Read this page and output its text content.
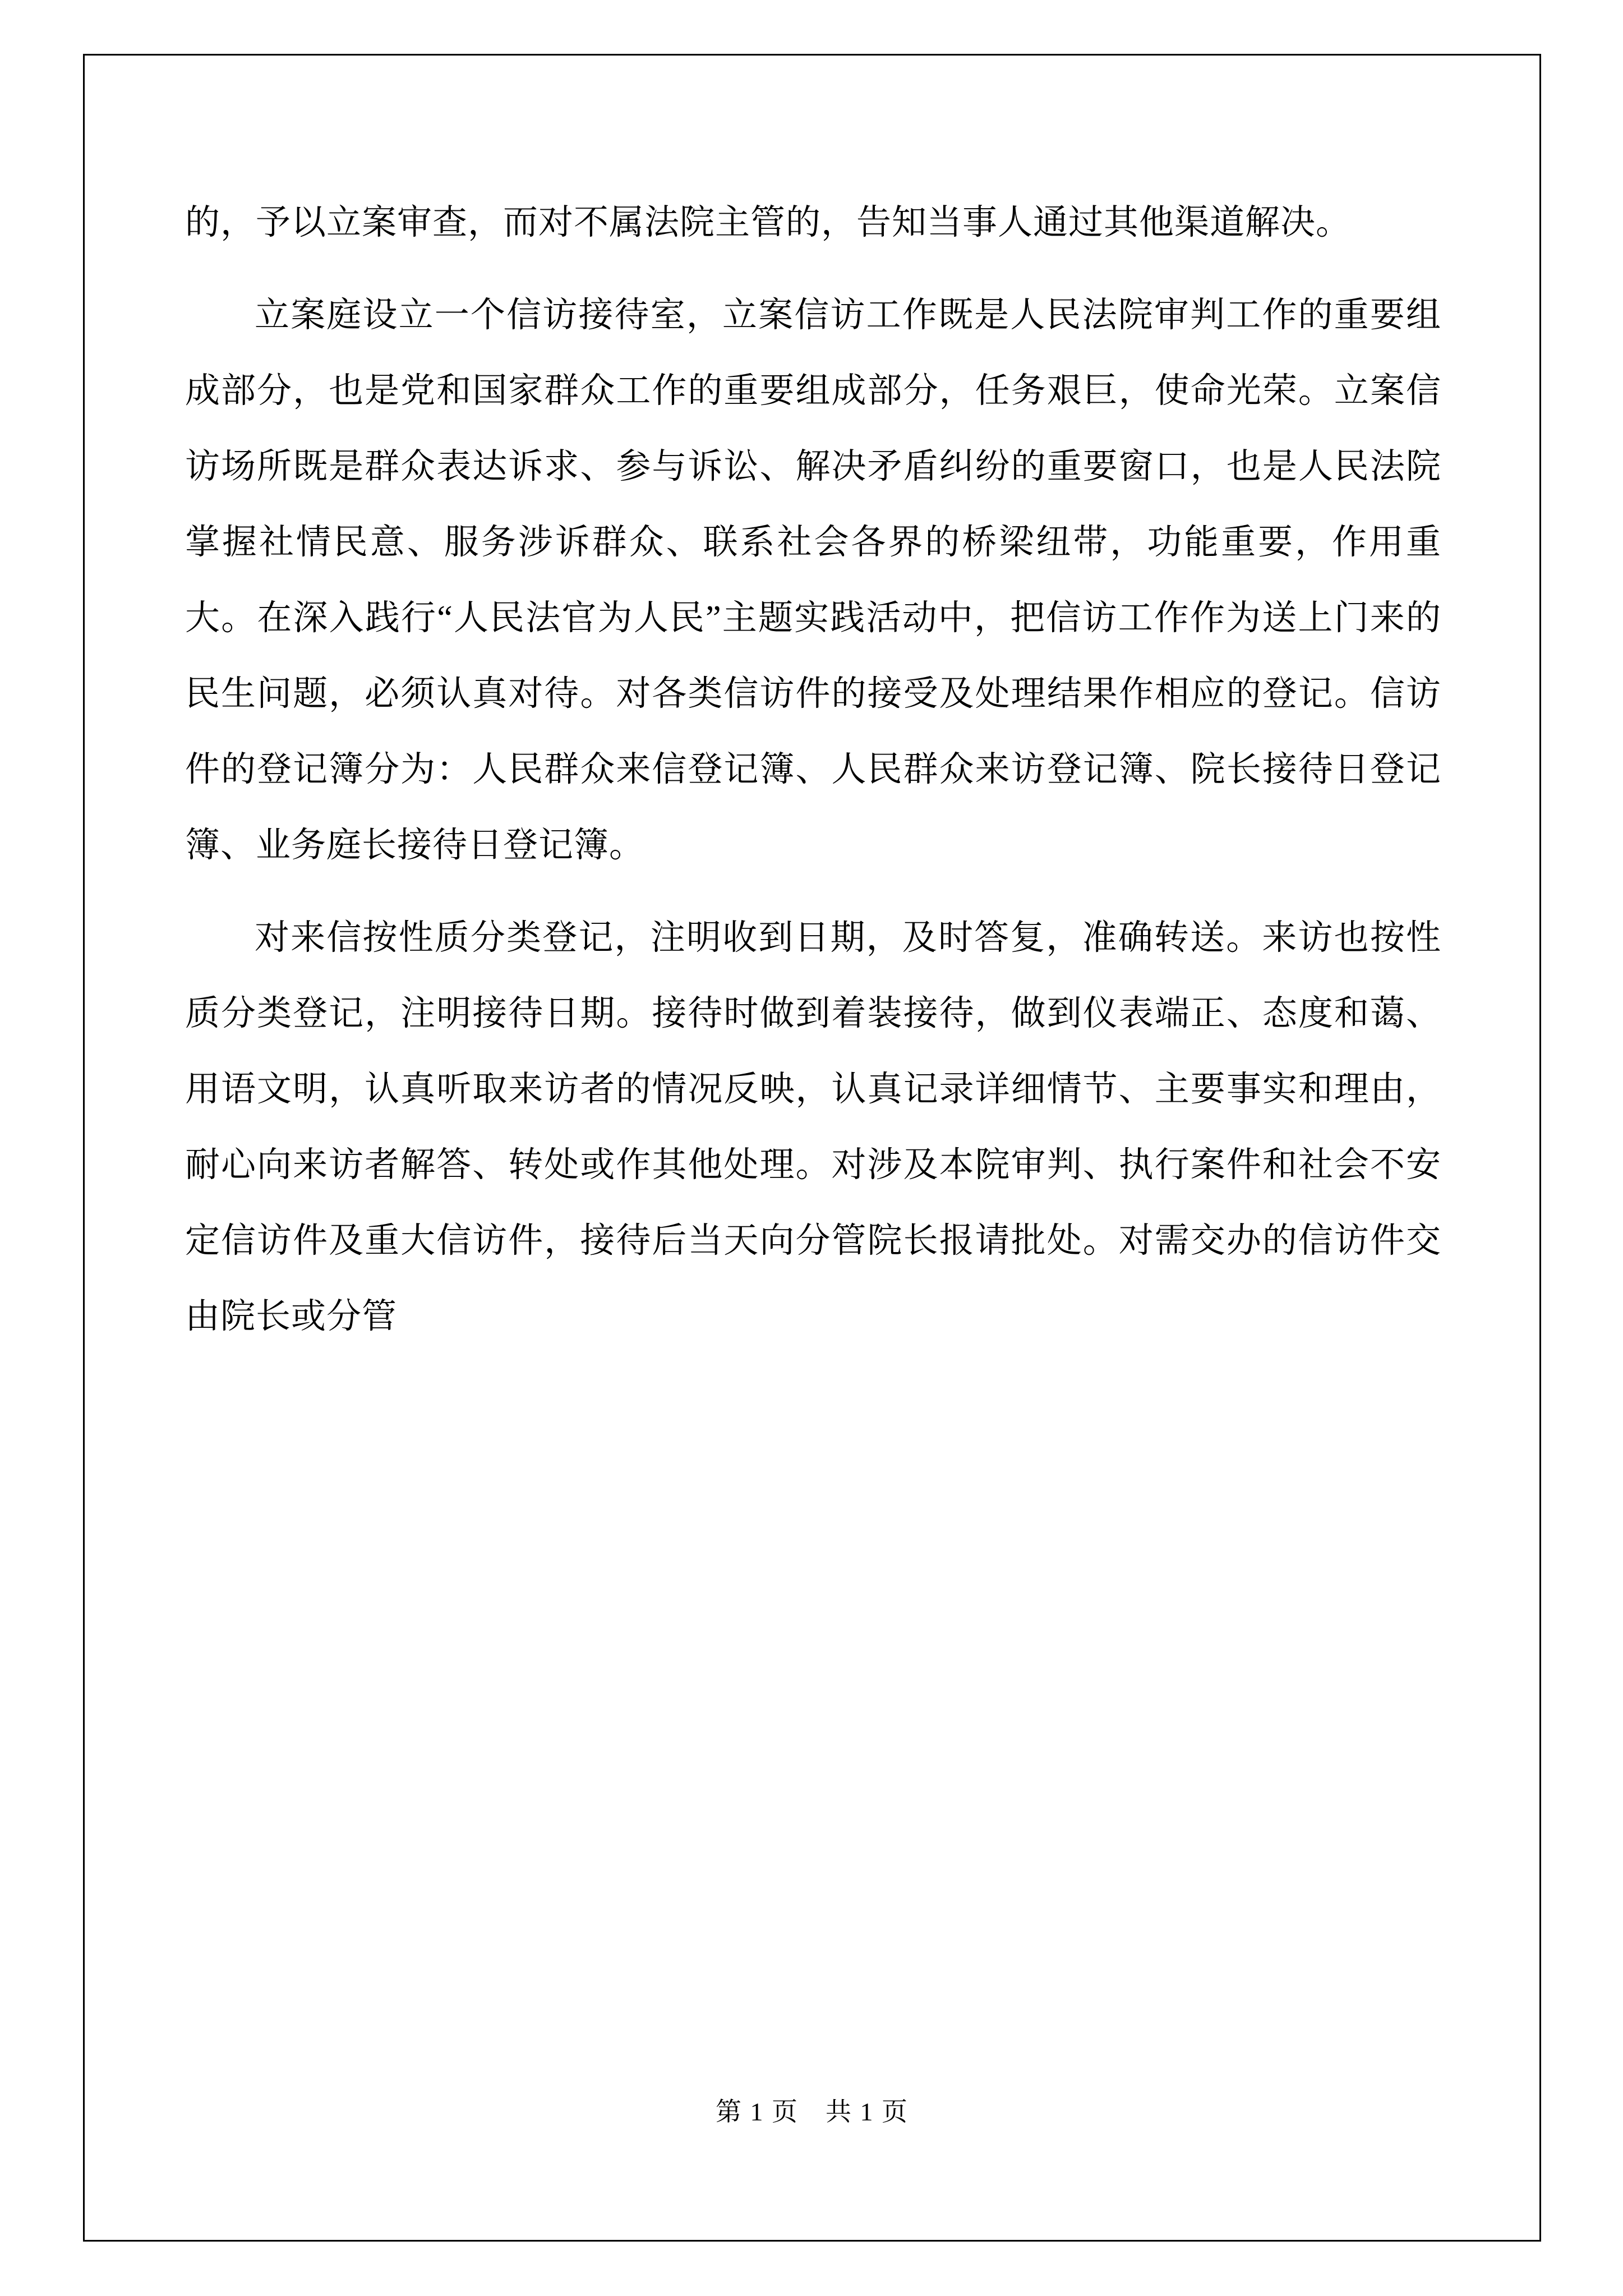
的，予以立案审查，而对不属法院主管的，告知当事人通过其他渠道解决。

立案庭设立一个信访接待室，立案信访工作既是人民法院审判工作的重要组成部分，也是党和国家群众工作的重要组成部分，任务艰巨，使命光荣。立案信访场所既是群众表达诉求、参与诉讼、解决矛盾纠纷的重要窗口，也是人民法院掌握社情民意、服务涉诉群众、联系社会各界的桥梁纽带，功能重要，作用重大。在深入践行“人民法官为人民”主题实践活动中，把信访工作作为送上门来的民生问题，必须认真对待。对各类信访件的接受及处理结果作相应的登记。信访件的登记簿分为：人民群众来信登记簿、人民群众来访登记簿、院长接待日登记簿、业务庭长接待日登记簿。

对来信按性质分类登记，注明收到日期，及时答复，准确转送。来访也按性质分类登记，注明接待日期。接待时做到着装接待，做到仪表端正、态度和蔼、用语文明，认真听取来访者的情况反映，认真记录详细情节、主要事实和理由，耐心向来访者解答、转处或作其他处理。对涉及本院审判、执行案件和社会不安定信访件及重大信访件，接待后当天向分管院长报请批处。对需交办的信访件交由院长或分管

第 1 页　共 1 页
